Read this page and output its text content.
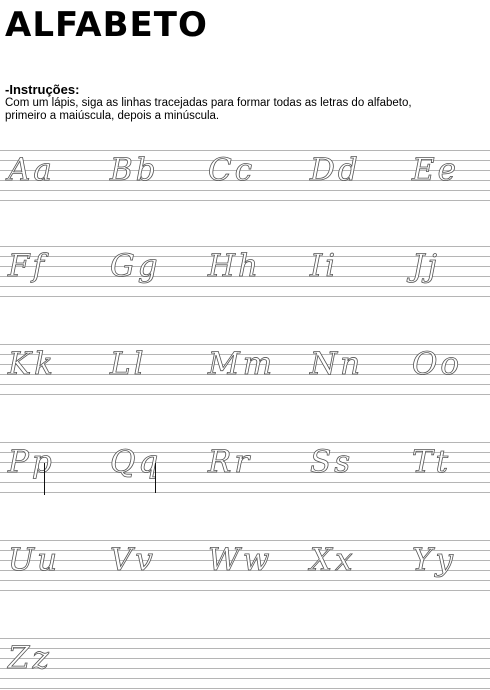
ALFABETO

-Instruções:

Com um lápis, siga as linhas tracejadas para formar todas as letras do alfabeto,
primeiro a maiúscula, depois a minúscula.
Aa Bb Cc Dd Ee
Ff Gg Hh Ii Jj
Kk Ll Mm Nn Oo
Pp Qq Rr Ss Tt
Uu Vv Ww Xx Yy
Zz
